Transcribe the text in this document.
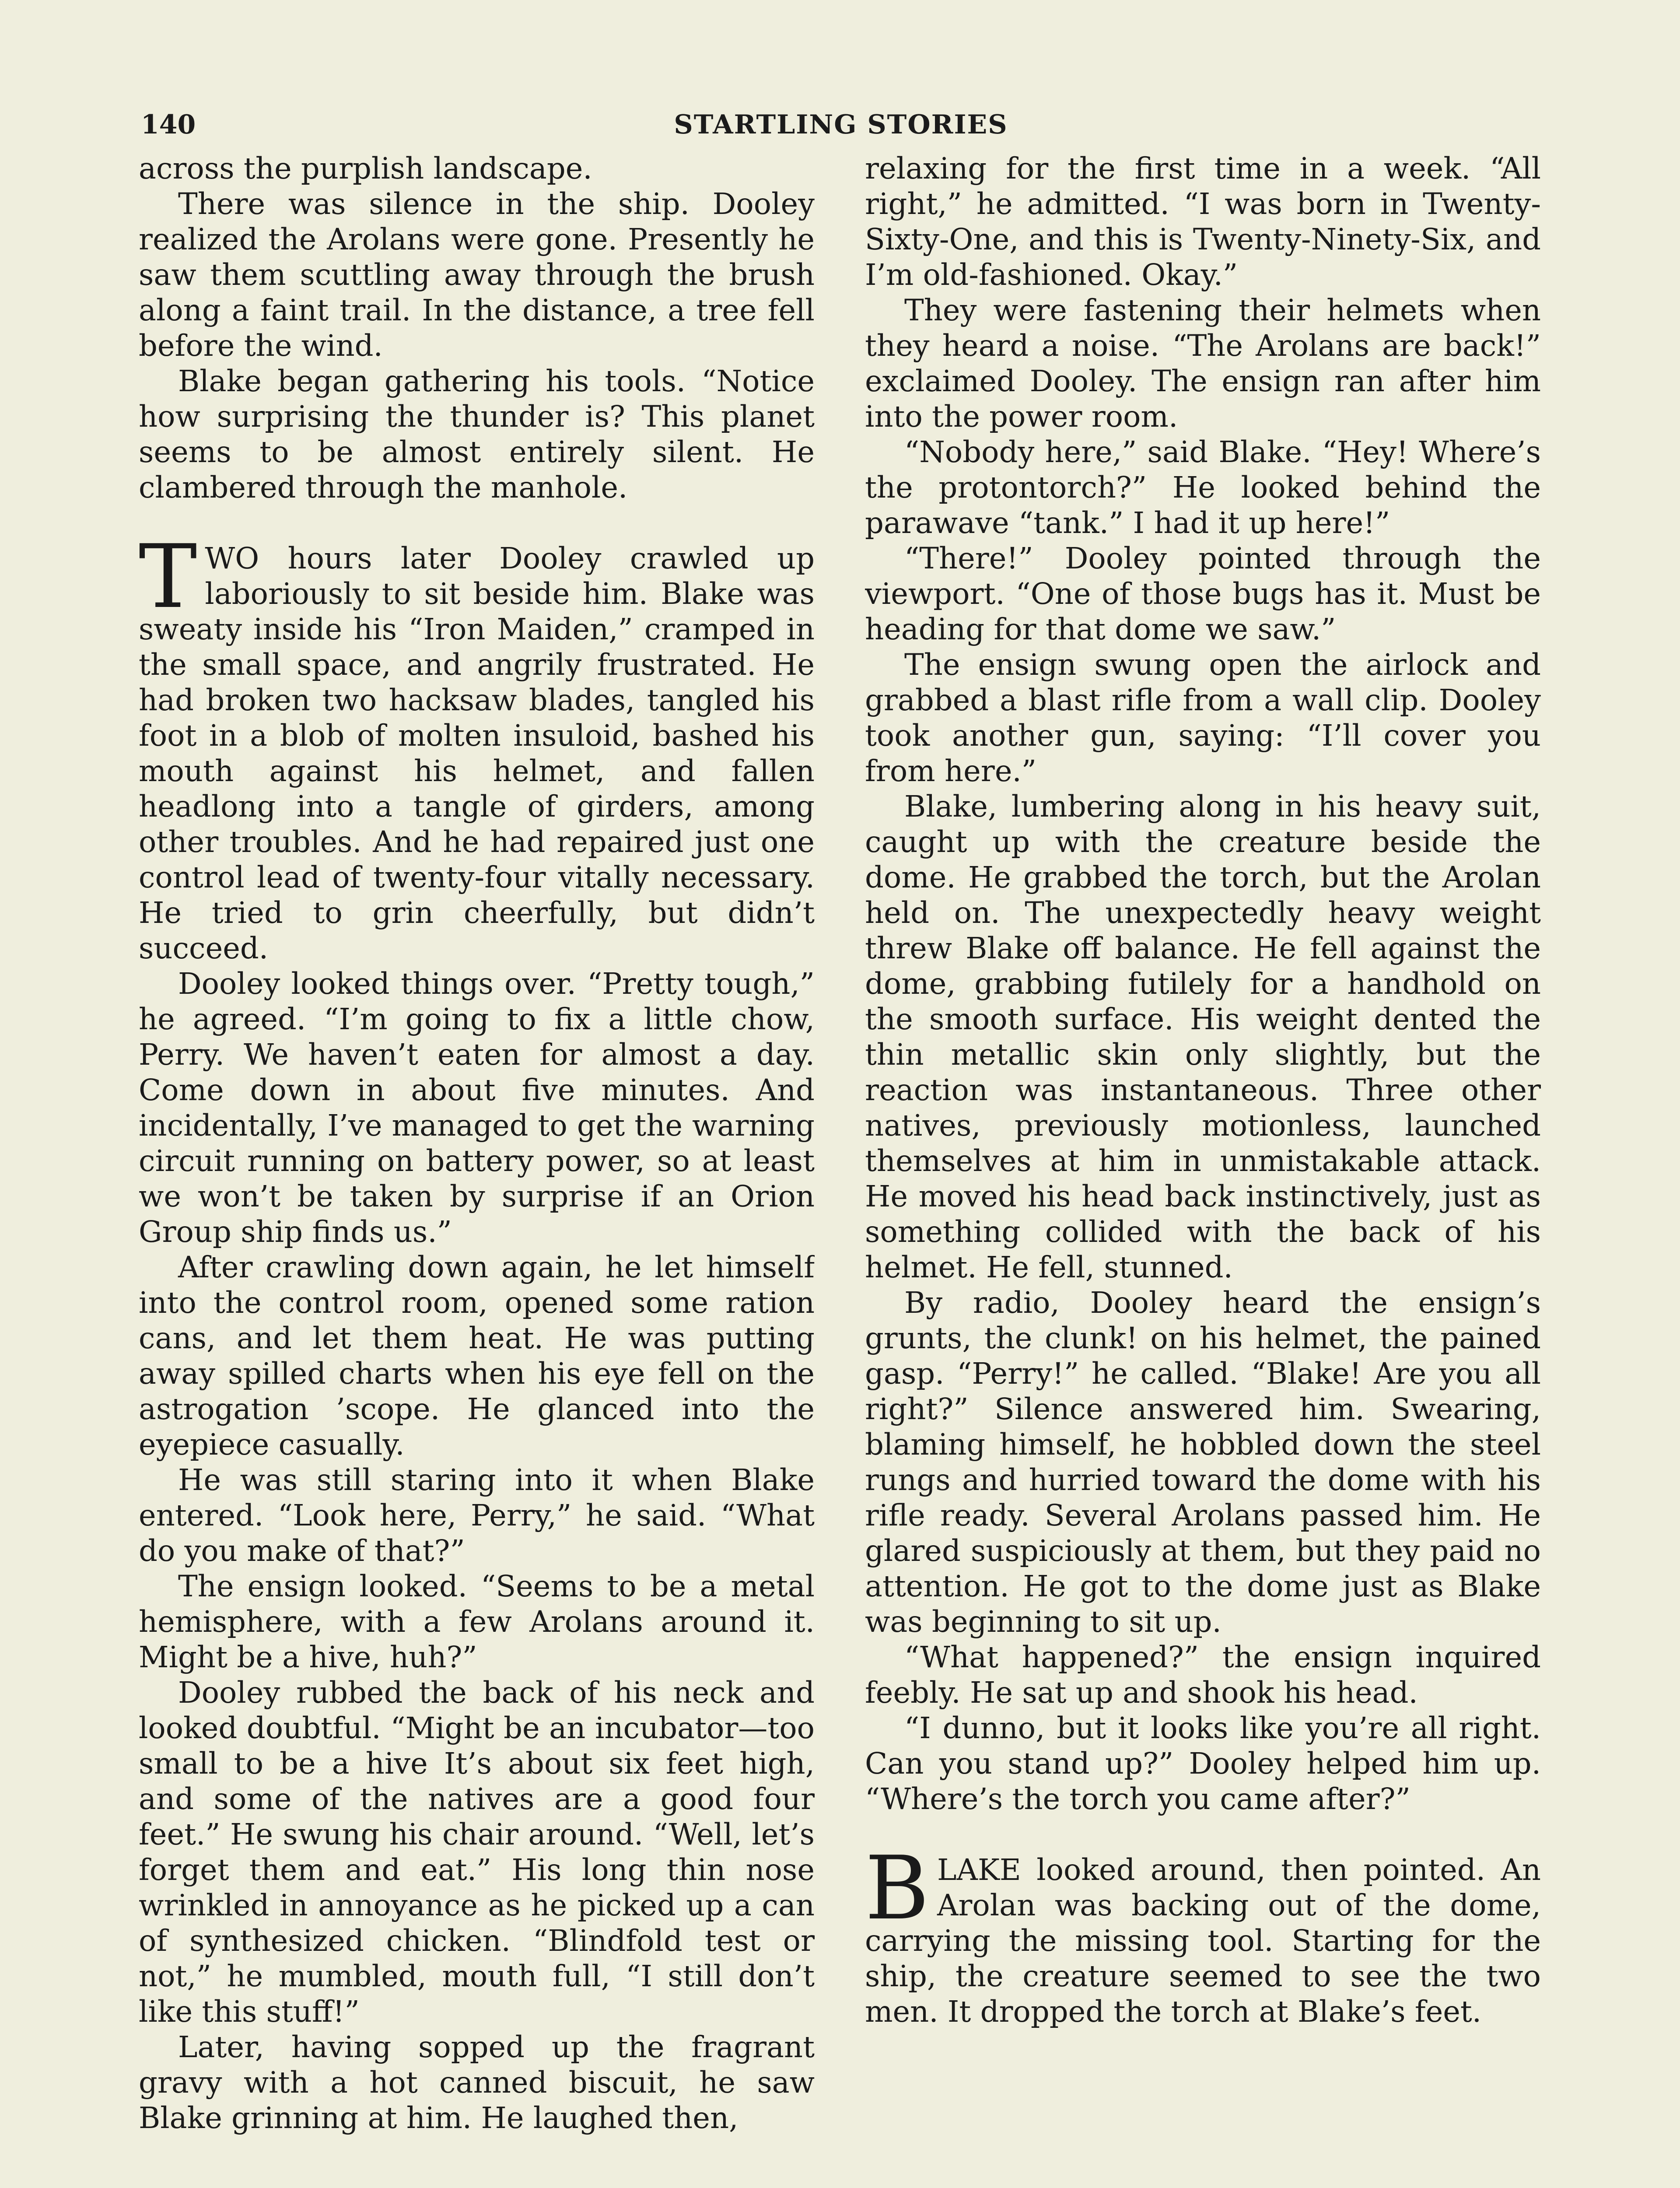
STARTLING STORIES
140

across the purplish landscape.

There was silence in the ship. Dooley realized the Arolans were gone. Presently he saw them scuttling away through the brush along a faint trail. In the distance, a tree fell before the wind.

Blake began gathering his tools. “Notice how surprising the thunder is? This planet seems to be almost entirely silent. He clambered through the manhole.

TWO hours later Dooley crawled up laboriously to sit beside him. Blake was sweaty inside his “Iron Maiden,” cramped in the small space, and angrily frustrated. He had broken two hacksaw blades, tangled his foot in a blob of molten insuloid, bashed his mouth against his helmet, and fallen headlong into a tangle of girders, among other troubles. And he had repaired just one control lead of twenty-four vitally necessary. He tried to grin cheerfully, but didn’t succeed.

Dooley looked things over. “Pretty tough,” he agreed. “I’m going to fix a little chow, Perry. We haven’t eaten for almost a day. Come down in about five minutes. And incidentally, I’ve managed to get the warning circuit running on battery power, so at least we won’t be taken by surprise if an Orion Group ship finds us.”

After crawling down again, he let himself into the control room, opened some ration cans, and let them heat. He was putting away spilled charts when his eye fell on the astrogation ’scope. He glanced into the eyepiece casually.

He was still staring into it when Blake entered. “Look here, Perry,” he said. “What do you make of that?”

The ensign looked. “Seems to be a metal hemisphere, with a few Arolans around it. Might be a hive, huh?”

Dooley rubbed the back of his neck and looked doubtful. “Might be an incubator—too small to be a hive It’s about six feet high, and some of the natives are a good four feet.” He swung his chair around. “Well, let’s forget them and eat.” His long thin nose wrinkled in annoyance as he picked up a can of synthesized chicken. “Blindfold test or not,” he mumbled, mouth full, “I still don’t like this stuff!”

Later, having sopped up the fragrant gravy with a hot canned biscuit, he saw Blake grinning at him. He laughed then,

relaxing for the first time in a week. “All right,” he admitted. “I was born in Twenty-Sixty-One, and this is Twenty-Ninety-Six, and I’m old-fashioned. Okay.”

They were fastening their helmets when they heard a noise. “The Arolans are back!” exclaimed Dooley. The ensign ran after him into the power room.

“Nobody here,” said Blake. “Hey! Where’s the protontorch?” He looked behind the parawave “tank.” I had it up here!”

“There!” Dooley pointed through the viewport. “One of those bugs has it. Must be heading for that dome we saw.”

The ensign swung open the airlock and grabbed a blast rifle from a wall clip. Dooley took another gun, saying: “I’ll cover you from here.”

Blake, lumbering along in his heavy suit, caught up with the creature beside the dome. He grabbed the torch, but the Arolan held on. The unexpectedly heavy weight threw Blake off balance. He fell against the dome, grabbing futilely for a handhold on the smooth surface. His weight dented the thin metallic skin only slightly, but the reaction was instantaneous. Three other natives, previously motionless, launched themselves at him in unmistakable attack. He moved his head back instinctively, just as something collided with the back of his helmet. He fell, stunned.

By radio, Dooley heard the ensign’s grunts, the clunk! on his helmet, the pained gasp. “Perry!” he called. “Blake! Are you all right?” Silence answered him. Swearing, blaming himself, he hobbled down the steel rungs and hurried toward the dome with his rifle ready. Several Arolans passed him. He glared suspiciously at them, but they paid no attention. He got to the dome just as Blake was beginning to sit up.

“What happened?” the ensign inquired feebly. He sat up and shook his head.

“I dunno, but it looks like you’re all right. Can you stand up?” Dooley helped him up. “Where’s the torch you came after?”

BLAKE looked around, then pointed. An Arolan was backing out of the dome, carrying the missing tool. Starting for the ship, the creature seemed to see the two men. It dropped the torch at Blake’s feet.
